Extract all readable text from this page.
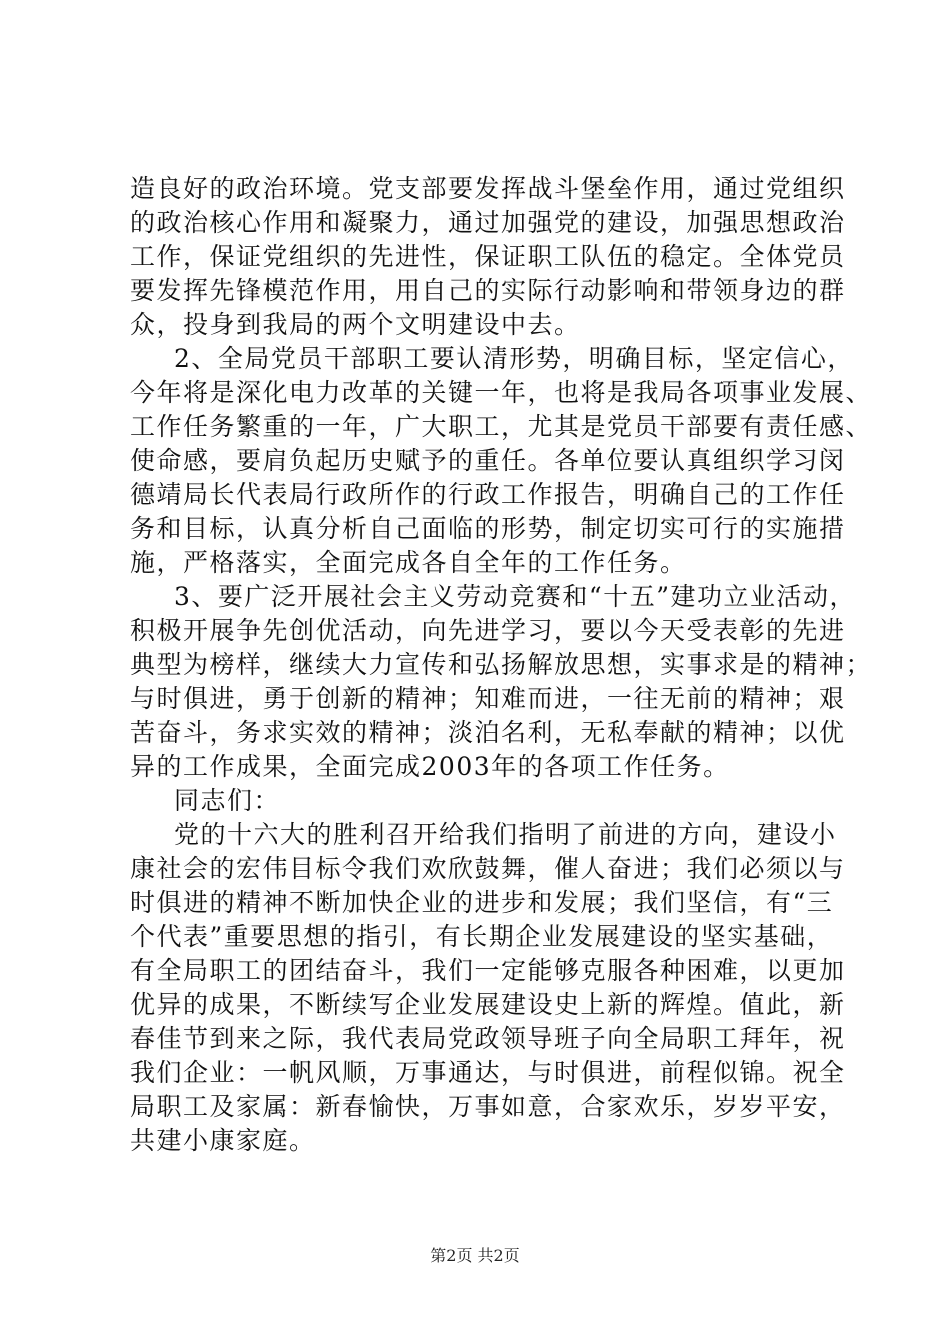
造良好的政治环境。党支部要发挥战斗堡垒作用，通过党组织
的政治核心作用和凝聚力，通过加强党的建设，加强思想政治
工作，保证党组织的先进性，保证职工队伍的稳定。全体党员
要发挥先锋模范作用，用自己的实际行动影响和带领身边的群
众，投身到我局的两个文明建设中去。
2、全局党员干部职工要认清形势，明确目标，坚定信心，
今年将是深化电力改革的关键一年，也将是我局各项事业发展、
工作任务繁重的一年，广大职工，尤其是党员干部要有责任感、
使命感，要肩负起历史赋予的重任。各单位要认真组织学习闵
德靖局长代表局行政所作的行政工作报告，明确自己的工作任
务和目标，认真分析自己面临的形势，制定切实可行的实施措
施，严格落实，全面完成各自全年的工作任务。
3、要广泛开展社会主义劳动竞赛和“十五”建功立业活动，
积极开展争先创优活动，向先进学习，要以今天受表彰的先进
典型为榜样，继续大力宣传和弘扬解放思想，实事求是的精神；
与时俱进，勇于创新的精神；知难而进，一往无前的精神；艰
苦奋斗，务求实效的精神；淡泊名利，无私奉献的精神；以优
异的工作成果，全面完成2003年的各项工作任务。
同志们：
党的十六大的胜利召开给我们指明了前进的方向，建设小
康社会的宏伟目标令我们欢欣鼓舞，催人奋进；我们必须以与
时俱进的精神不断加快企业的进步和发展；我们坚信，有“三
个代表”重要思想的指引，有长期企业发展建设的坚实基础，
有全局职工的团结奋斗，我们一定能够克服各种困难，以更加
优异的成果，不断续写企业发展建设史上新的辉煌。值此，新
春佳节到来之际，我代表局党政领导班子向全局职工拜年，祝
我们企业：一帆风顺，万事通达，与时俱进，前程似锦。祝全
局职工及家属：新春愉快，万事如意，合家欢乐，岁岁平安，
共建小康家庭。
第2页 共2页
